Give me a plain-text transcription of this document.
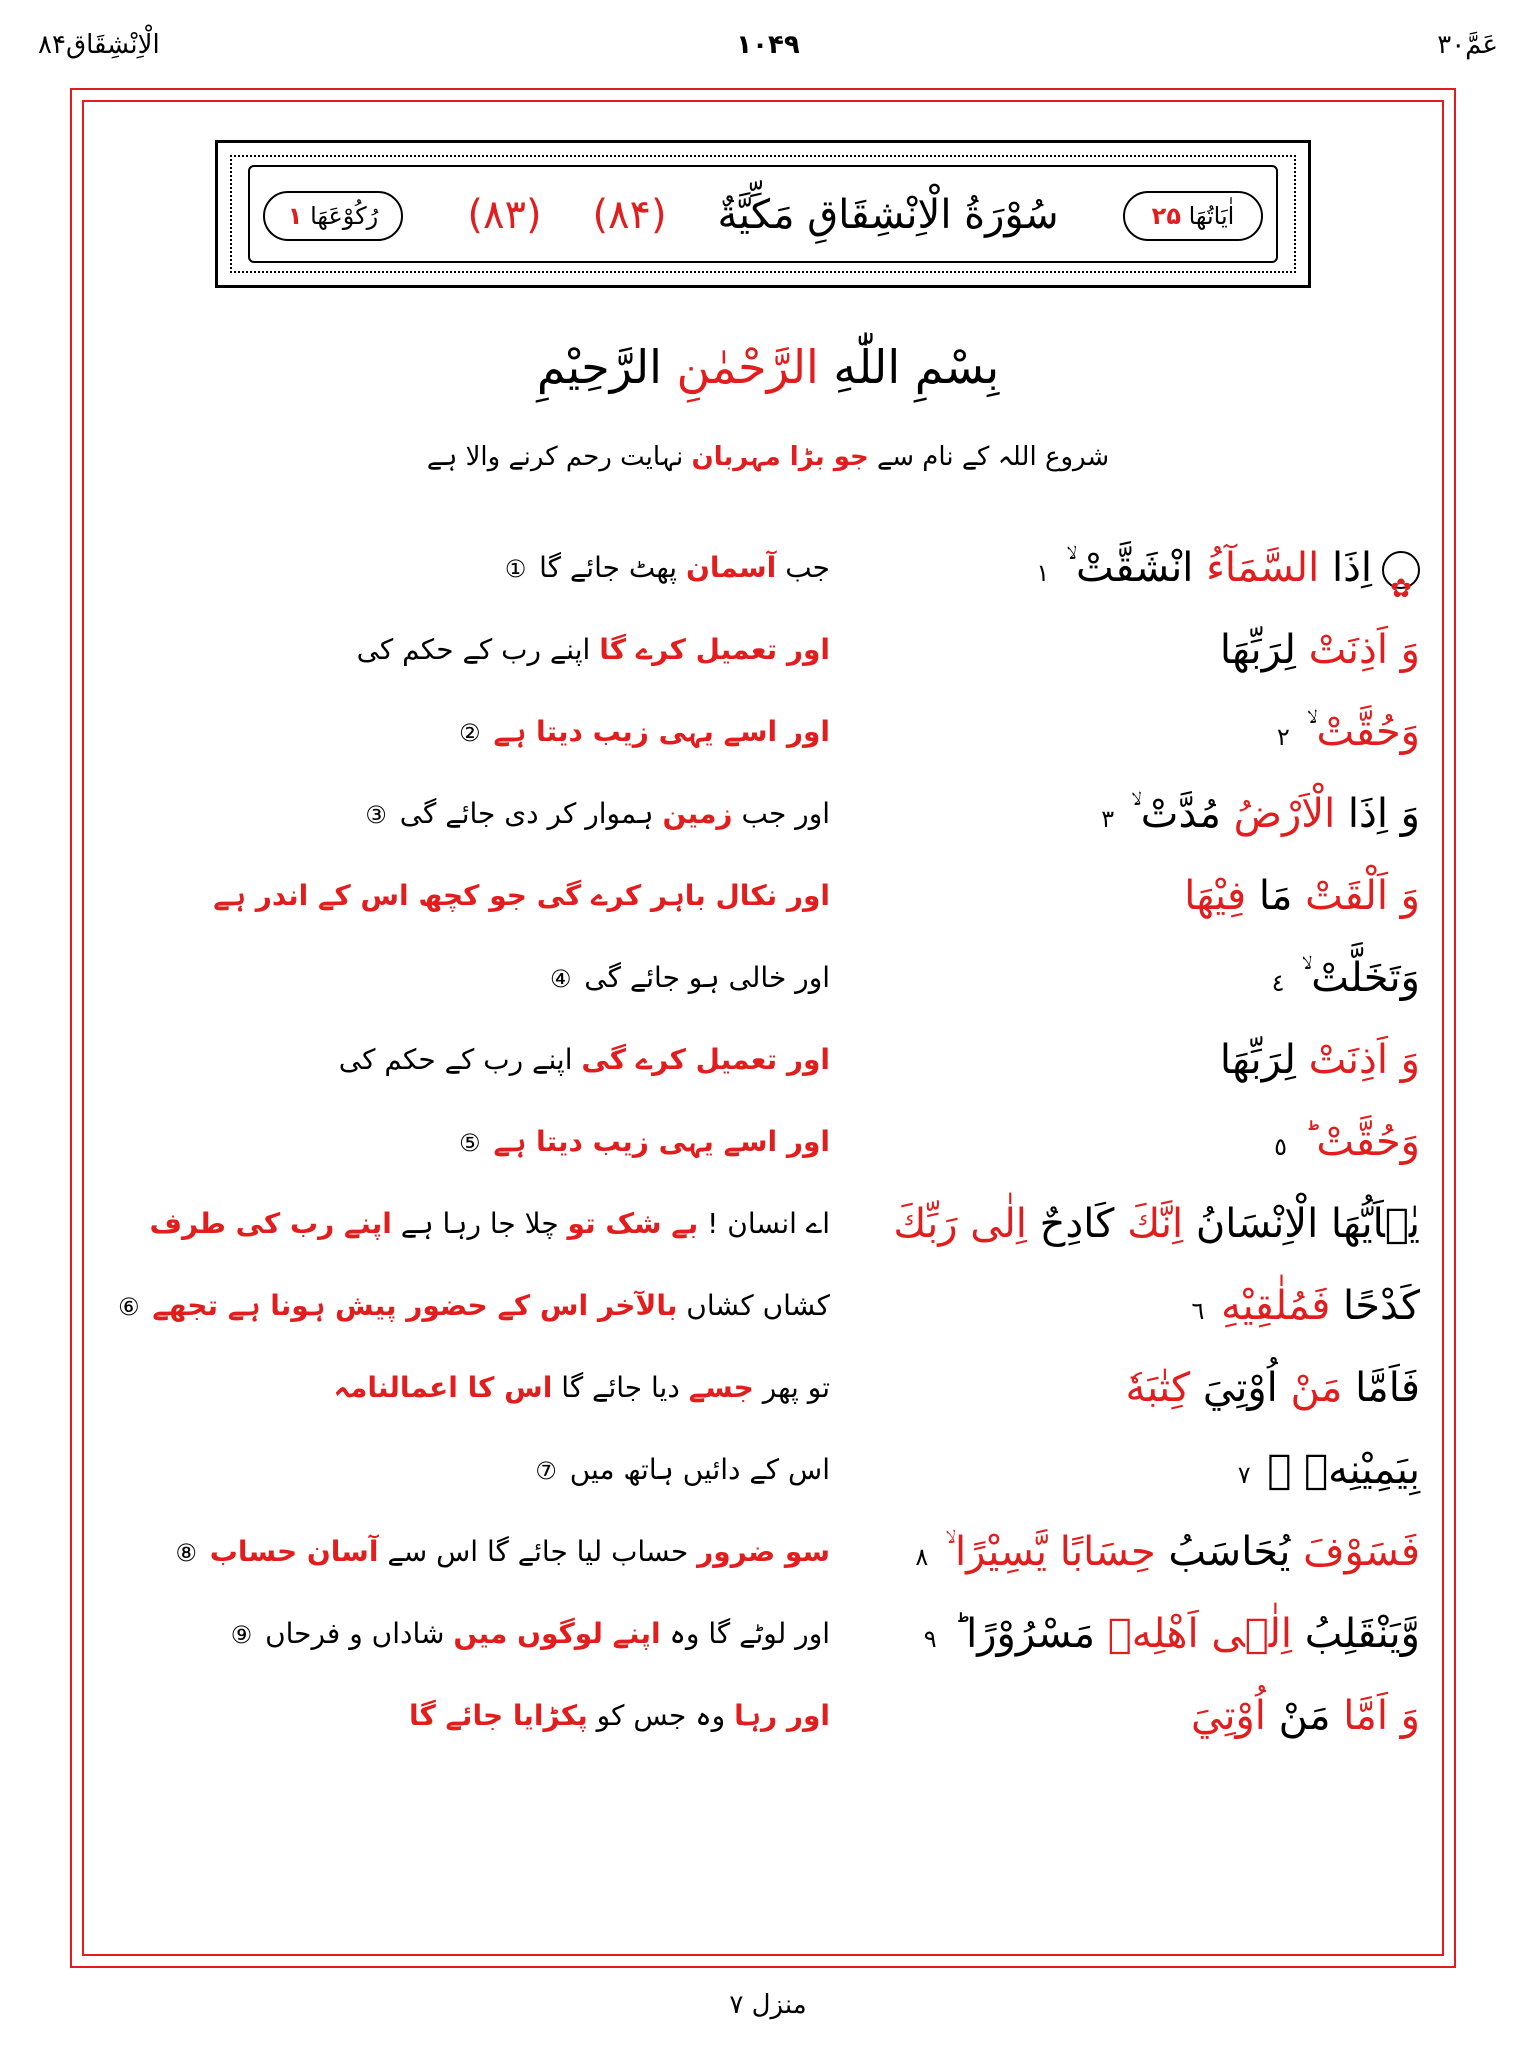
الْاِنْشِقَاق۸۴	۱۰۴۹	عَمَّ۳۰
رُكُوْعَهَا ١	(۸۳)	سُوْرَةُ الْاِنْشِقَاقِ مَكِّيَّةٌ    (۸۴)	۲۵ اٰيَاتُهَا
بِسْمِ اللّٰهِ الرَّحْمٰنِ الرَّحِيْمِ
شروع اللہ کے نام سے جو بڑا مہربان نہایت رحم کرنے والا ہے
جب آسمان پھٹ جائے گا ①
✿	اِذَا السَّمَآءُ انْشَقَّتْ ۙ ١
اور تعمیل کرے گا اپنے رب کے حکم کی	وَ اَذِنَتْ لِرَبِّهَا
اور اسے یہی زیب دیتا ہے ②	وَحُقَّتْ ٢
اور جب زمین ہموار کر دی جائے گی ③	وَ اِذَا الْاَرْضُ مُدَّتْ ۙ ٣
اور نکال باہر کرے گی جو کچھ اس کے اندر ہے	وَ اَلْقَتْ مَا فِيْهَا
اور خالی ہو جائے گی ④	وَتَخَلَّتْ ۙ ٤
اور تعمیل کرے گی اپنے رب کے حکم کی	وَ اَذِنَتْ لِرَبِّهَا
اور اسے یہی زیب دیتا ہے ⑤	وَحُقَّتْ ؕ ٥
اے انسان ! بے شک تو چلا جا رہا ہے اپنے رب کی طرف	يٰۤاَيُّهَا الْاِنْسَانُ اِنَّكَ كَادِحٌ اِلٰى رَبِّكَ
کشاں کشاں بالآخر اس کے حضور پیش ہونا ہے تجھے ⑥	كَدْحًا فَمُلٰقِيْهِ ٦
تو پھر جسے دیا جائے گا اس کا اعمالنامہ	فَاَمَّا مَنْ اُوْتِيَ كِتٰبَهٗ
اس کے دائیں ہاتھ میں ⑦	بِيَمِيْنِهٖ ۙ ٧
سو ضرور حساب لیا جائے گا اس سے آسان حساب ⑧	فَسَوْفَ يُحَاسَبُ حِسَابًا يَّسِيْرًا ۙ ٨
اور لوٹے گا وہ اپنے لوگوں میں شاداں و فرحاں ⑨	وَّيَنْقَلِبُ اِلٰۤى اَهْلِهٖ مَسْرُوْرًا ؕ ٩
اور رہا وہ جس کو پکڑایا جائے گا	وَ اَمَّا مَنْ اُوْتِيَ
منزل ۷
